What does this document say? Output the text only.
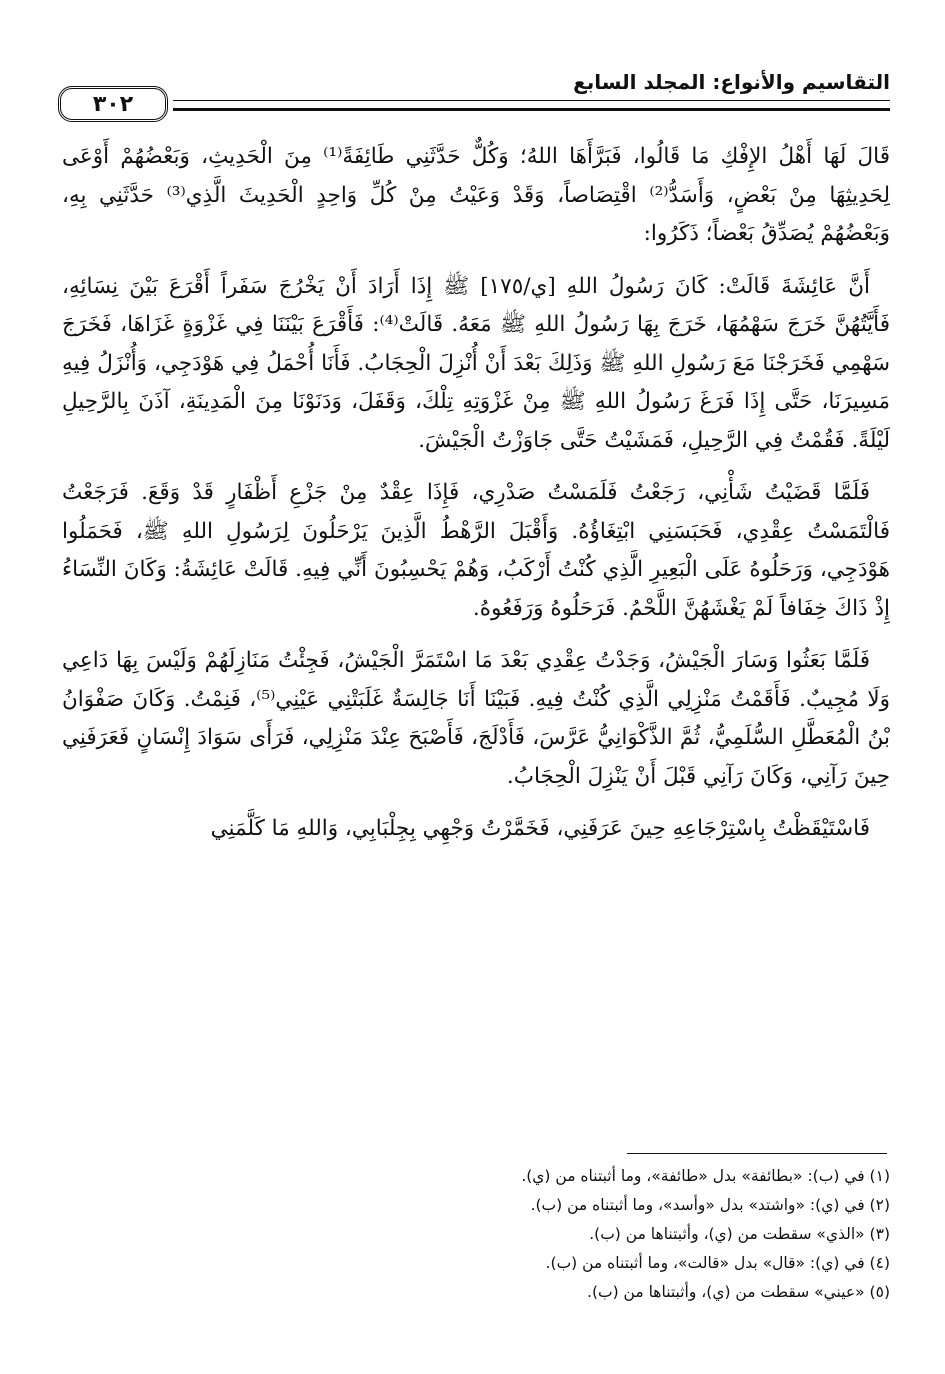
التقاسيم والأنواع: المجلد السابع
٣٠٢

قَالَ لَهَا أَهْلُ الإِفْكِ مَا قَالُوا، فَبَرَّأَهَا اللهُ؛ وَكُلٌّ حَدَّثَنِي طَائِفَةً⁽¹⁾ مِنَ الْحَدِيثِ، وَبَعْضُهُمْ أَوْعَى لِحَدِيثِهَا مِنْ بَعْضٍ، وَأَسَدُّ⁽²⁾ اقْتِصَاصاً، وَقَدْ وَعَيْتُ مِنْ كُلِّ وَاحِدٍ الْحَدِيثَ الَّذِي⁽³⁾ حَدَّثَنِي بِهِ، وَبَعْضُهُمْ يُصَدِّقُ بَعْضاً؛ ذَكَرُوا:

أَنَّ عَائِشَةَ قَالَتْ: كَانَ رَسُولُ اللهِ [ي/١٧٥] ﷺ إِذَا أَرَادَ أَنْ يَخْرُجَ سَفَراً أَقْرَعَ بَيْنَ نِسَائِهِ، فَأَيَّتُهُنَّ خَرَجَ سَهْمُهَا، خَرَجَ بِهَا رَسُولُ اللهِ ﷺ مَعَهُ. قَالَتْ⁽⁴⁾: فَأَقْرَعَ بَيْنَنَا فِي غَزْوَةٍ غَزَاهَا، فَخَرَجَ سَهْمِي فَخَرَجْنَا مَعَ رَسُولِ اللهِ ﷺ وَذَلِكَ بَعْدَ أَنْ أُنْزِلَ الْحِجَابُ. فَأَنَا أُحْمَلُ فِي هَوْدَجِي، وَأُنْزَلُ فِيهِ مَسِيرَنَا، حَتَّى إِذَا فَرَغَ رَسُولُ اللهِ ﷺ مِنْ غَزْوَتِهِ تِلْكَ، وَقَفَلَ، وَدَنَوْنَا مِنَ الْمَدِينَةِ، آذَنَ بِالرَّحِيلِ لَيْلَةً. فَقُمْتُ فِي الرَّحِيلِ، فَمَشَيْتُ حَتَّى جَاوَزْتُ الْجَيْشَ.

فَلَمَّا قَضَيْتُ شَأْنِي، رَجَعْتُ فَلَمَسْتُ صَدْرِي، فَإِذَا عِقْدٌ مِنْ جَزْعِ أَظْفَارٍ قَدْ وَقَعَ. فَرَجَعْتُ فَالْتَمَسْتُ عِقْدِي، فَحَبَسَنِي ابْتِغَاؤُهُ. وَأَقْبَلَ الرَّهْطُ الَّذِينَ يَرْحَلُونَ لِرَسُولِ اللهِ ﷺ، فَحَمَلُوا هَوْدَجِي، وَرَحَلُوهُ عَلَى الْبَعِيرِ الَّذِي كُنْتُ أَرْكَبُ، وَهُمْ يَحْسِبُونَ أَنِّي فِيهِ. قَالَتْ عَائِشَةُ: وَكَانَ النِّسَاءُ إِذْ ذَاكَ خِفَافاً لَمْ يَغْشَهُنَّ اللَّحْمُ. فَرَحَلُوهُ وَرَفَعُوهُ.

فَلَمَّا بَعَثُوا وَسَارَ الْجَيْشُ، وَجَدْتُ عِقْدِي بَعْدَ مَا اسْتَمَرَّ الْجَيْشُ، فَجِئْتُ مَنَازِلَهُمْ وَلَيْسَ بِهَا دَاعِي وَلَا مُجِيبٌ. فَأَقَمْتُ مَنْزِلِي الَّذِي كُنْتُ فِيهِ. فَبَيْنَا أَنَا جَالِسَةٌ غَلَبَتْنِي عَيْنِي⁽⁵⁾، فَنِمْتُ. وَكَانَ صَفْوَانُ بْنُ الْمُعَطَّلِ السُّلَمِيُّ، ثُمَّ الذَّكْوَانِيُّ عَرَّسَ، فَأَدْلَجَ، فَأَصْبَحَ عِنْدَ مَنْزِلِي، فَرَأَى سَوَادَ إِنْسَانٍ فَعَرَفَنِي حِينَ رَآنِي، وَكَانَ رَآنِي قَبْلَ أَنْ يَنْزِلَ الْحِجَابُ.

فَاسْتَيْقَظْتُ بِاسْتِرْجَاعِهِ حِينَ عَرَفَنِي، فَخَمَّرْتُ وَجْهِي بِجِلْبَابِي، وَاللهِ مَا كَلَّمَنِي

(١) في (ب): «بطائفة» بدل «طائفة»، وما أثبتناه من (ي).

(٢) في (ي): «واشتد» بدل «وأسد»، وما أثبتناه من (ب).

(٣) «الذي» سقطت من (ي)، وأثبتناها من (ب).

(٤) في (ي): «قال» بدل «قالت»، وما أثبتناه من (ب).

(٥) «عيني» سقطت من (ي)، وأثبتناها من (ب).
